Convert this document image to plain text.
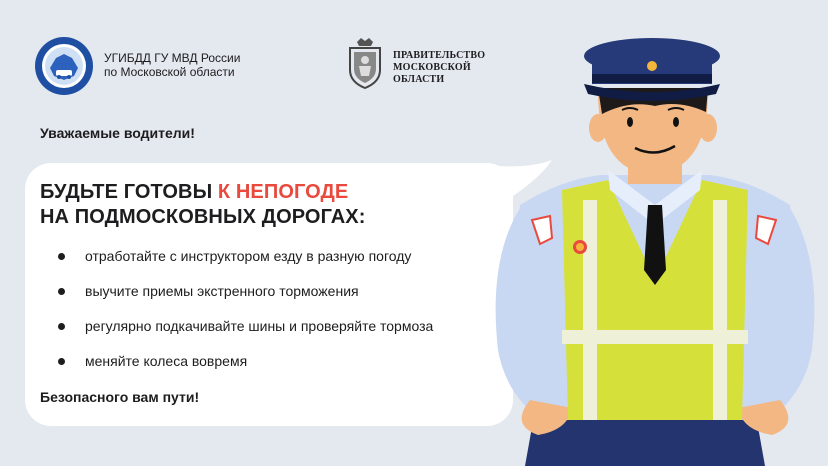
УГИБДД ГУ МВД России
по Московской области
ПРАВИТЕЛЬСТВО
МОСКОВСКОЙ
ОБЛАСТИ
Уважаемые водители!
БУДЬТЕ ГОТОВЫ К НЕПОГОДЕ
НА ПОДМОСКОВНЫХ ДОРОГАХ:
отработайте с инструктором езду в разную погоду
выучите приемы экстренного торможения
регулярно подкачивайте шины и проверяйте тормоза
меняйте колеса вовремя
Безопасного вам пути!
